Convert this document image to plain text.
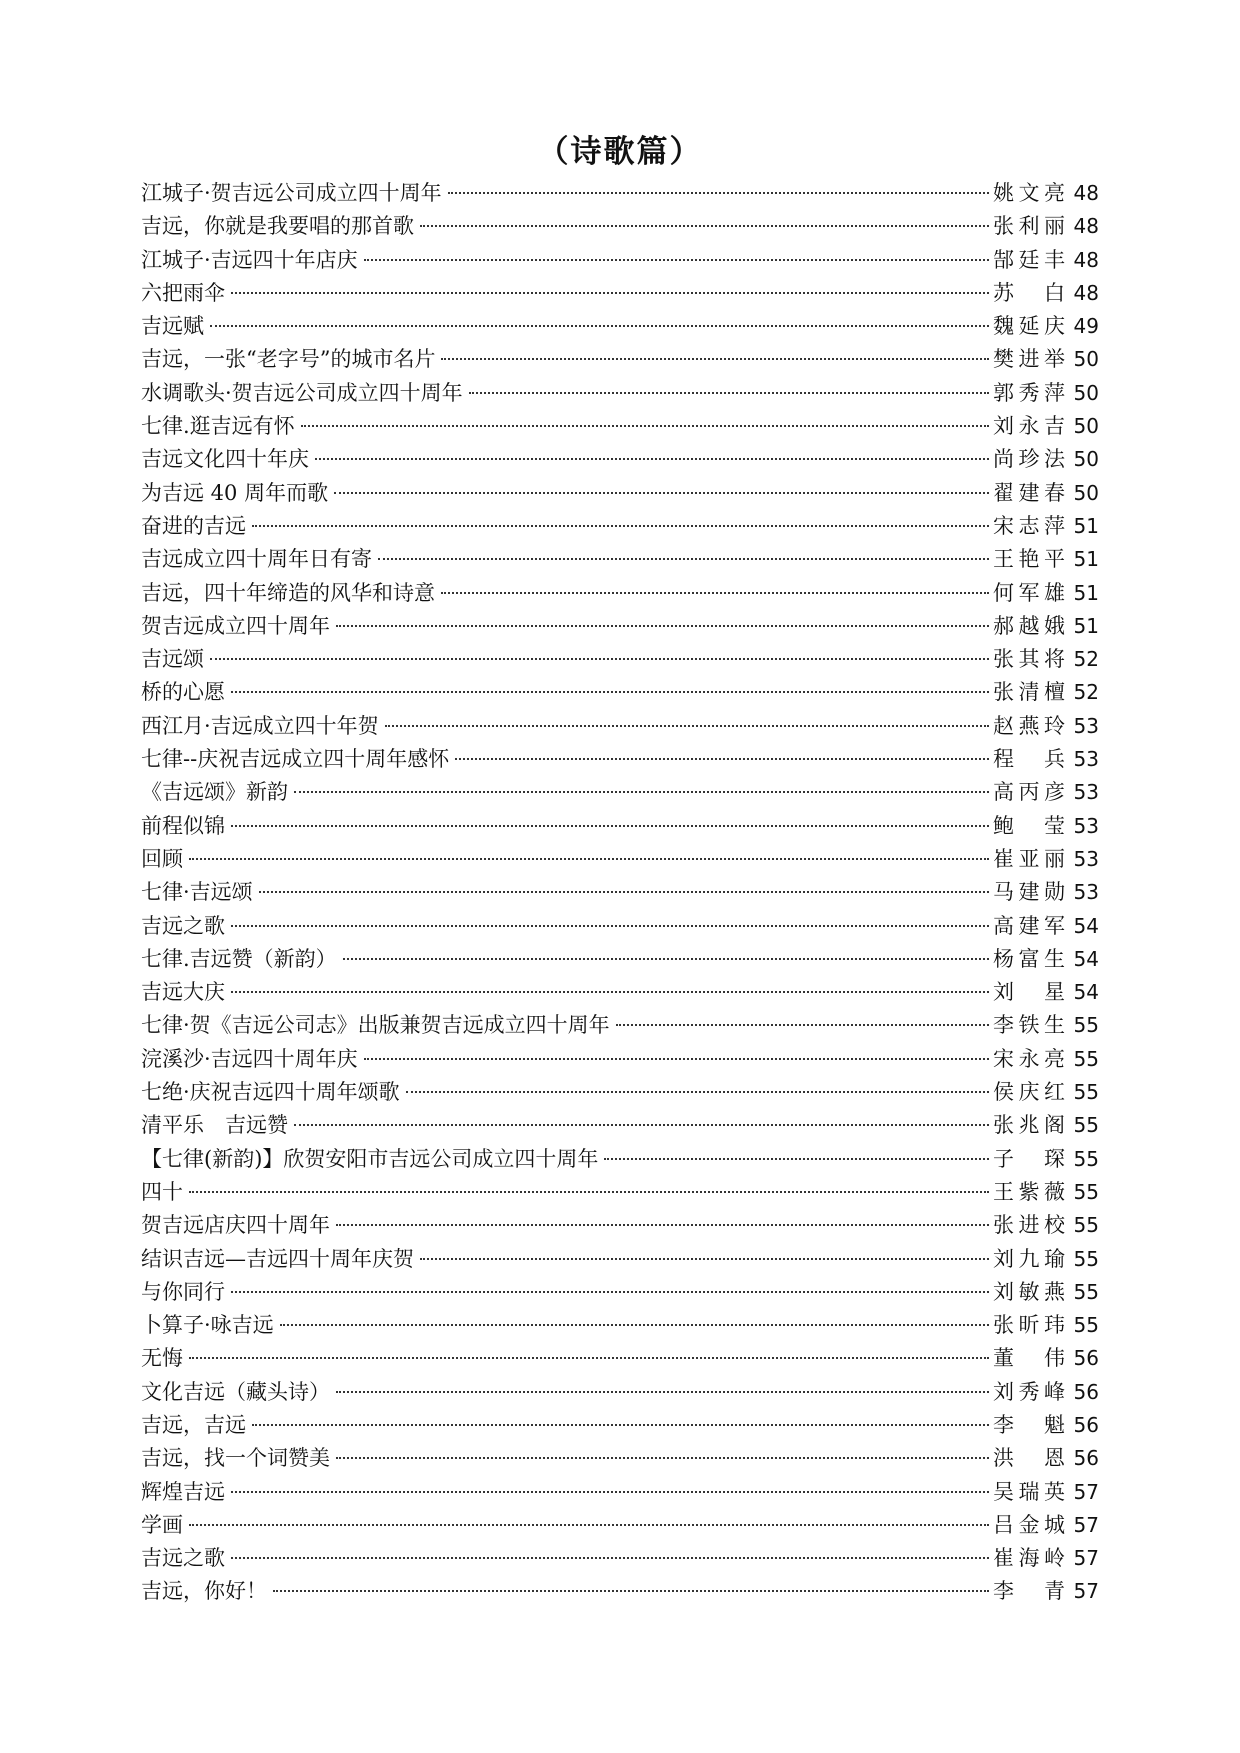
（诗歌篇）
江城子·贺吉远公司成立四十周年	姚文亮 48
吉远，你就是我要唱的那首歌	张利丽 48
江城子·吉远四十年店庆	郜廷丰 48
六把雨伞	苏　白 48
吉远赋	魏延庆 49
吉远，一张“老字号”的城市名片	樊进举 50
水调歌头·贺吉远公司成立四十周年	郭秀萍 50
七律.逛吉远有怀	刘永吉 50
吉远文化四十年庆	尚珍法 50
为吉远 40 周年而歌	翟建春 50
奋进的吉远	宋志萍 51
吉远成立四十周年日有寄	王艳平 51
吉远，四十年缔造的风华和诗意	何军雄 51
贺吉远成立四十周年	郝越娥 51
吉远颂	张其将 52
桥的心愿	张清檀 52
西江月·吉远成立四十年贺	赵燕玲 53
七律--庆祝吉远成立四十周年感怀	程　兵 53
《吉远颂》新韵	高丙彦 53
前程似锦	鲍　莹 53
回顾	崔亚丽 53
七律·吉远颂	马建勋 53
吉远之歌	高建军 54
七律.吉远赞（新韵）	杨富生 54
吉远大庆	刘　星 54
七律·贺《吉远公司志》出版兼贺吉远成立四十周年	李铁生 55
浣溪沙·吉远四十周年庆	宋永亮 55
七绝·庆祝吉远四十周年颂歌	侯庆红 55
清平乐　吉远赞	张兆阁 55
【七律(新韵)】欣贺安阳市吉远公司成立四十周年	子　琛 55
四十	王紫薇 55
贺吉远店庆四十周年	张进校 55
结识吉远—吉远四十周年庆贺	刘九瑜 55
与你同行	刘敏燕 55
卜算子·咏吉远	张昕玮 55
无悔	董　伟 56
文化吉远（藏头诗）	刘秀峰 56
吉远，吉远	李　魁 56
吉远，找一个词赞美	洪　恩 56
辉煌吉远	吴瑞英 57
学画	吕金城 57
吉远之歌	崔海岭 57
吉远，你好！	李　青 57
